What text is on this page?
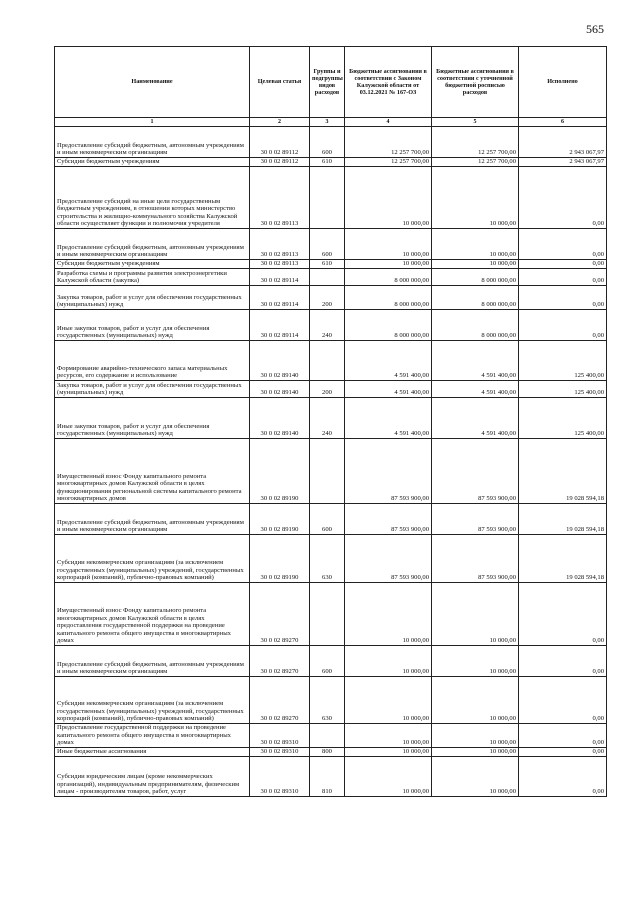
565
Наименование	Целевая статья	Группы и подгруппы видов расходов	Бюджетные ассигнования в соответствии с Законом Калужской области от 03.12.2021 № 167-ОЗ	Бюджетные ассигнования в соответствии с уточненной бюджетной росписью расходов	Исполнено
1	2	3	4	5	6
Предоставление субсидий бюджетным, автономным учреждениям и иным некоммерческим организациям	30 0 02 89112	600	12 257 700,00	12 257 700,00	2 943 067,97
Субсидии бюджетным учреждениям	30 0 02 89112	610	12 257 700,00	12 257 700,00	2 943 067,97
Предоставление субсидий на иные цели государственным бюджетным учреждениям, в отношении которых министерство строительства и жилищно-коммунального хозяйства Калужской области осуществляет функции и полномочия учредителя	30 0 02 89113		10 000,00	10 000,00	0,00
Предоставление субсидий бюджетным, автономным учреждениям и иным некоммерческим организациям	30 0 02 89113	600	10 000,00	10 000,00	0,00
Субсидии бюджетным учреждениям	30 0 02 89113	610	10 000,00	10 000,00	0,00
Разработка схемы и программы развития электроэнергетики Калужской области (закупка)	30 0 02 89114		8 000 000,00	8 000 000,00	0,00
Закупка товаров, работ и услуг для обеспечения государственных (муниципальных) нужд	30 0 02 89114	200	8 000 000,00	8 000 000,00	0,00
Иные закупки товаров, работ и услуг для обеспечения государственных (муниципальных) нужд	30 0 02 89114	240	8 000 000,00	8 000 000,00	0,00
Формирование аварийно-технического запаса материальных ресурсов, его содержание и использование	30 0 02 89140		4 591 400,00	4 591 400,00	125 400,00
Закупка товаров, работ и услуг для обеспечения государственных (муниципальных) нужд	30 0 02 89140	200	4 591 400,00	4 591 400,00	125 400,00
Иные закупки товаров, работ и услуг для обеспечения государственных (муниципальных) нужд	30 0 02 89140	240	4 591 400,00	4 591 400,00	125 400,00
Имущественный взнос Фонду капитального ремонта многоквартирных домов Калужской области в целях функционирования региональной системы капитального ремонта многоквартирных домов	30 0 02 89190		87 593 900,00	87 593 900,00	19 028 594,18
Предоставление субсидий бюджетным, автономным учреждениям и иным некоммерческим организациям	30 0 02 89190	600	87 593 900,00	87 593 900,00	19 028 594,18
Субсидии некоммерческим организациям (за исключением государственных (муниципальных) учреждений, государственных корпораций (компаний), публично-правовых компаний)	30 0 02 89190	630	87 593 900,00	87 593 900,00	19 028 594,18
Имущественный взнос Фонду капитального ремонта многоквартирных домов Калужской области в целях предоставления государственной поддержки на проведение капитального ремонта общего имущества в многоквартирных домах	30 0 02 89270		10 000,00	10 000,00	0,00
Предоставление субсидий бюджетным, автономным учреждениям и иным некоммерческим организациям	30 0 02 89270	600	10 000,00	10 000,00	0,00
Субсидии некоммерческим организациям (за исключением государственных (муниципальных) учреждений, государственных корпораций (компаний), публично-правовых компаний)	30 0 02 89270	630	10 000,00	10 000,00	0,00
Предоставление государственной поддержки на проведение капитального ремонта общего имущества в многоквартирных домах	30 0 02 89310		10 000,00	10 000,00	0,00
Иные бюджетные ассигнования	30 0 02 89310	800	10 000,00	10 000,00	0,00
Субсидии юридическим лицам (кроме некоммерческих организаций), индивидуальным предпринимателям, физическим лицам - производителям товаров, работ, услуг	30 0 02 89310	810	10 000,00	10 000,00	0,00
